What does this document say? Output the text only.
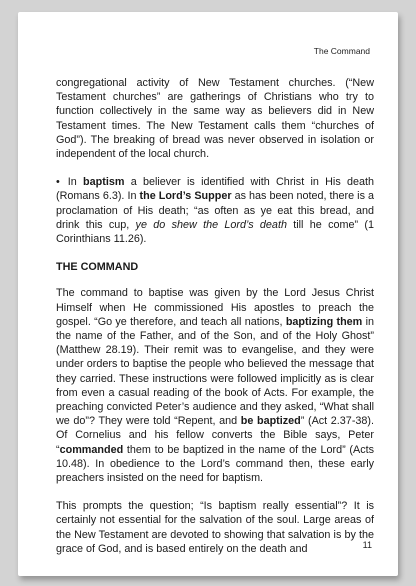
The Command

congregational activity of New Testament churches. (“New Testament churches” are gatherings of Christians who try to function collectively in the same way as believers did in New Testament times. The New Testament calls them “churches of God”). The breaking of bread was never observed in isolation or independent of the local church.

• In baptism a believer is identified with Christ in His death (Romans 6.3). In the Lord’s Supper as has been noted, there is a proclamation of His death; “as often as ye eat this bread, and drink this cup, ye do shew the Lord’s death till he come” (1 Corinthians 11.26).

THE COMMAND

The command to baptise was given by the Lord Jesus Christ Himself when He commissioned His apostles to preach the gospel. “Go ye therefore, and teach all nations, baptizing them in the name of the Father, and of the Son, and of the Holy Ghost” (Matthew 28.19). Their remit was to evangelise, and they were under orders to baptise the people who believed the message that they carried. These instructions were followed implicitly as is clear from even a casual reading of the book of Acts. For example, the preaching convicted Peter’s audience and they asked, “What shall we do”? They were told “Repent, and be baptized” (Act 2.37-38). Of Cornelius and his fellow converts the Bible says, Peter “commanded them to be baptized in the name of the Lord” (Acts 10.48). In obedience to the Lord’s command then, these early preachers insisted on the need for baptism.

This prompts the question; “Is baptism really essential”? It is certainly not essential for the salvation of the soul. Large areas of the New Testament are devoted to showing that salvation is by the grace of God, and is based entirely on the death and	11
